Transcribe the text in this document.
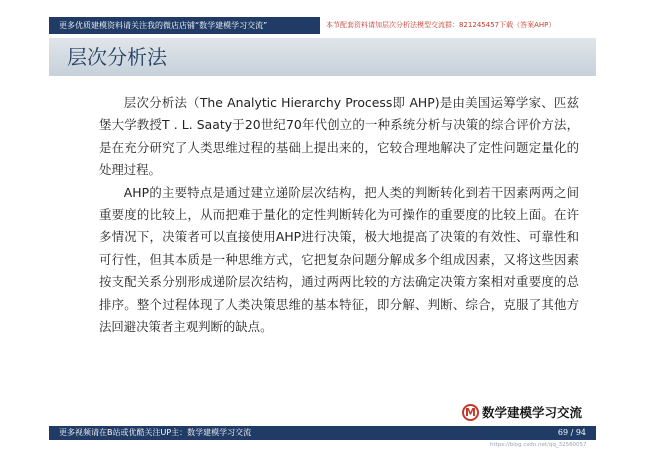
更多优质建模资料请关注我的微店店铺“数学建模学习交流”	本节配套资料请加层次分析法模型交流群：821245457下载（答案AHP）
层次分析法

层次分析法（The Analytic Hierarchy Process即 AHP)是由美国运筹学家、匹兹堡大学教授T . L. Saaty于20世纪70年代创立的一种系统分析与决策的综合评价方法，是在充分研究了人类思维过程的基础上提出来的，它较合理地解决了定性问题定量化的处理过程。

AHP的主要特点是通过建立递阶层次结构，把人类的判断转化到若干因素两两之间重要度的比较上，从而把难于量化的定性判断转化为可操作的重要度的比较上面。在许多情况下，决策者可以直接使用AHP进行决策，极大地提高了决策的有效性、可靠性和可行性，但其本质是一种思维方式，它把复杂问题分解成多个组成因素，又将这些因素按支配关系分别形成递阶层次结构，通过两两比较的方法确定决策方案相对重要度的总排序。整个过程体现了人类决策思维的基本特征，即分解、判断、综合，克服了其他方法回避决策者主观判断的缺点。

M 数学建模学习交流
更多视频请在B站或优酷关注UP主：数学建模学习交流	69 / 94
https://blog.csdn.net/qq_32560057
